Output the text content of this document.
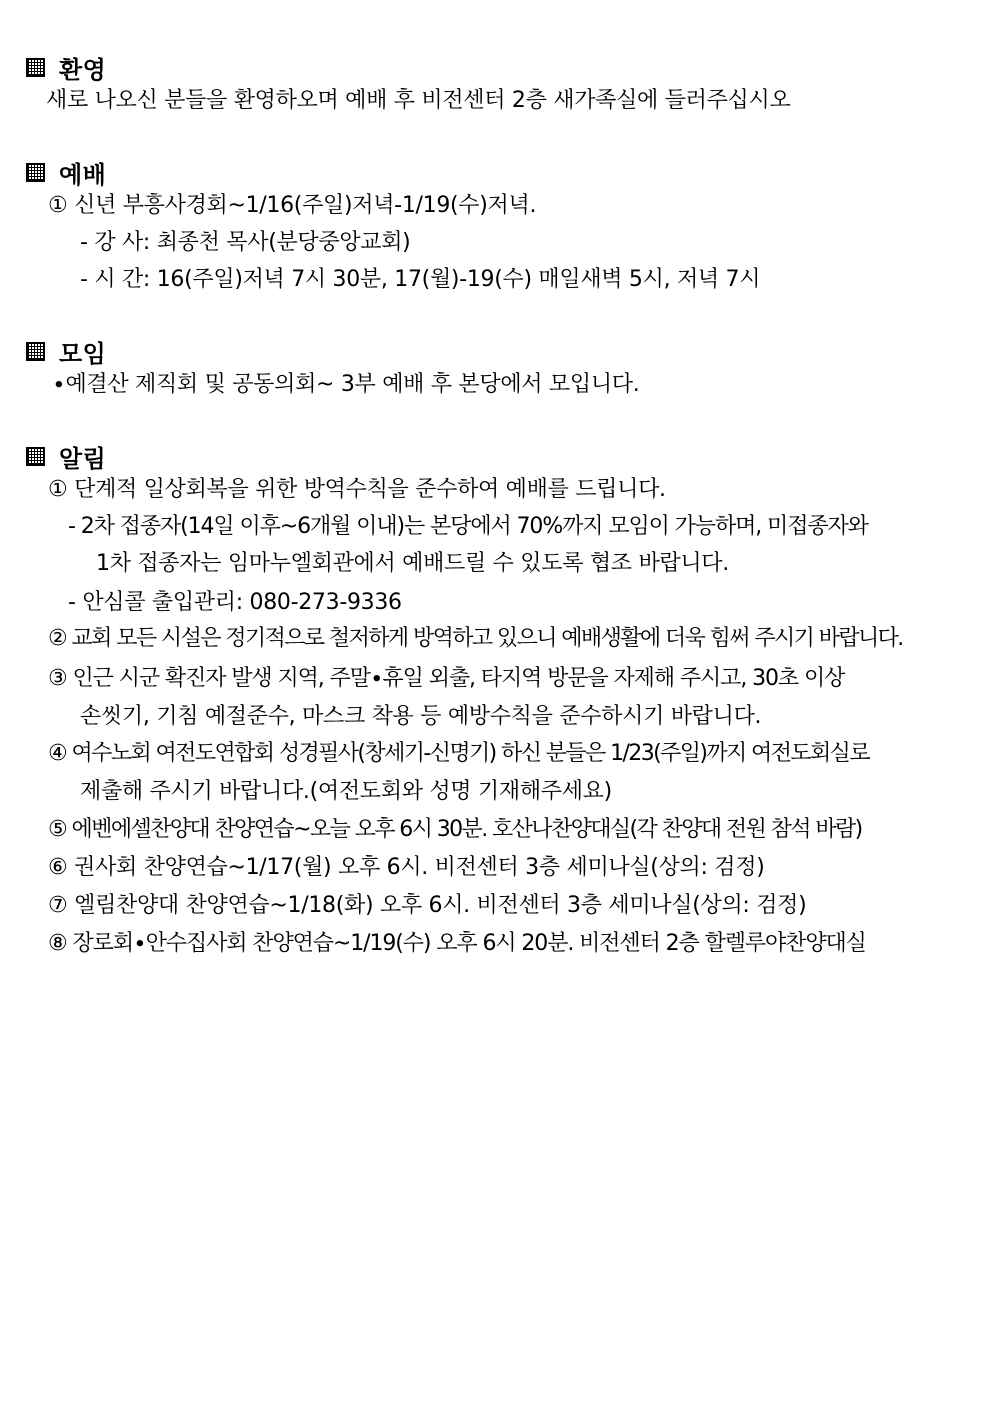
환영
새로 나오신 분들을 환영하오며 예배 후 비전센터 2층 새가족실에 들러주십시오
예배
① 신년 부흥사경회~1/16(주일)저녁-1/19(수)저녁.
- 강 사: 최종천 목사(분당중앙교회)
- 시 간: 16(주일)저녁 7시 30분, 17(월)-19(수) 매일새벽 5시, 저녁 7시
모임
∙예결산 제직회 및 공동의회~ 3부 예배 후 본당에서 모입니다.
알림
① 단계적 일상회복을 위한 방역수칙을 준수하여 예배를 드립니다.
- 2차 접종자(14일 이후~6개월 이내)는 본당에서 70%까지 모임이 가능하며, 미접종자와
1차 접종자는 임마누엘회관에서 예배드릴 수 있도록 협조 바랍니다.
- 안심콜 출입관리: 080-273-9336
② 교회 모든 시설은 정기적으로 철저하게 방역하고 있으니 예배생활에 더욱 힘써 주시기 바랍니다.
③ 인근 시군 확진자 발생 지역, 주말∙휴일 외출, 타지역 방문을 자제해 주시고, 30초 이상
손씻기, 기침 예절준수, 마스크 착용 등 예방수칙을 준수하시기 바랍니다.
④ 여수노회 여전도연합회 성경필사(창세기-신명기) 하신 분들은 1/23(주일)까지 여전도회실로
제출해 주시기 바랍니다.(여전도회와 성명 기재해주세요)
⑤ 에벤에셀찬양대 찬양연습~오늘 오후 6시 30분. 호산나찬양대실(각 찬양대 전원 참석 바람)
⑥ 권사회 찬양연습~1/17(월) 오후 6시. 비전센터 3층 세미나실(상의: 검정)
⑦ 엘림찬양대 찬양연습~1/18(화) 오후 6시. 비전센터 3층 세미나실(상의: 검정)
⑧ 장로회∙안수집사회 찬양연습~1/19(수) 오후 6시 20분. 비전센터 2층 할렐루야찬양대실
